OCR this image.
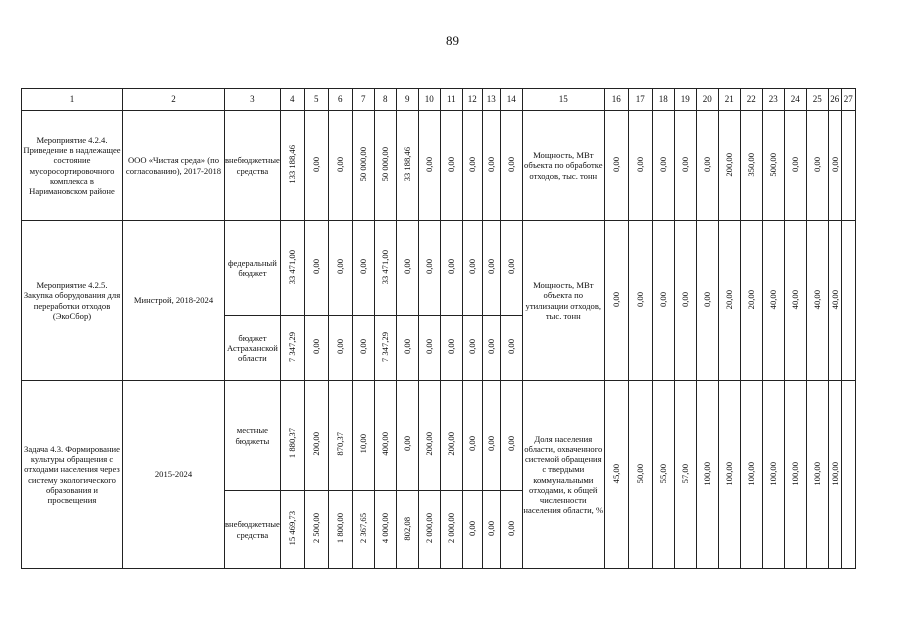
89
1	2	3	4	5	6	7	8	9	10	11	12	13	14	15	16	17	18	19	20	21	22	23	24	25	26	27
Мероприятие 4.2.4. Приведение в надлежащее состояние мусоросортировочного комплекса в Наримановском районе	ООО «Чистая среда» (по согласованию), 2017-2018	внебюджетные средства	133 188,46	0,00	0,00	50 000,00	50 000,00	33 188,46	0,00	0,00	0,00	0,00	0,00	Мощность, МВт объекта по обработке отходов, тыс. тонн	0,00	0,00	0,00	0,00	0,00	200,00	350,00	500,00	0,00	0,00	0,00	
Мероприятие 4.2.5. Закупка оборудования для переработки отходов (ЭкоСбор)	Минстрой, 2018-2024	федеральный бюджет	33 471,00	0,00	0,00	0,00	33 471,00	0,00	0,00	0,00	0,00	0,00	0,00	Мощность, МВт объекта по утилизации отходов, тыс. тонн	0,00	0,00	0,00	0,00	0,00	20,00	20,00	40,00	40,00	40,00	40,00	
		бюджет Астраханской области	7 347,29	0,00	0,00	0,00	7 347,29	0,00	0,00	0,00	0,00	0,00	0,00													
Задача 4.3. Формирование культуры обращения с отходами населения через систему экологического образования и просвещения	2015-2024	местные бюджеты	1 880,37	200,00	870,37	10,00	400,00	0,00	200,00	200,00	0,00	0,00	0,00	Доля населения области, охваченного системой обращения с твердыми коммунальными отходами, к общей численности населения области, %	45,00	50,00	55,00	57,00	100,00	100,00	100,00	100,00	100,00	100,00	100,00	
		внебюджетные средства	15 469,73	2 500,00	1 800,00	2 367,65	4 000,00	802,08	2 000,00	2 000,00	0,00	0,00	0,00													
